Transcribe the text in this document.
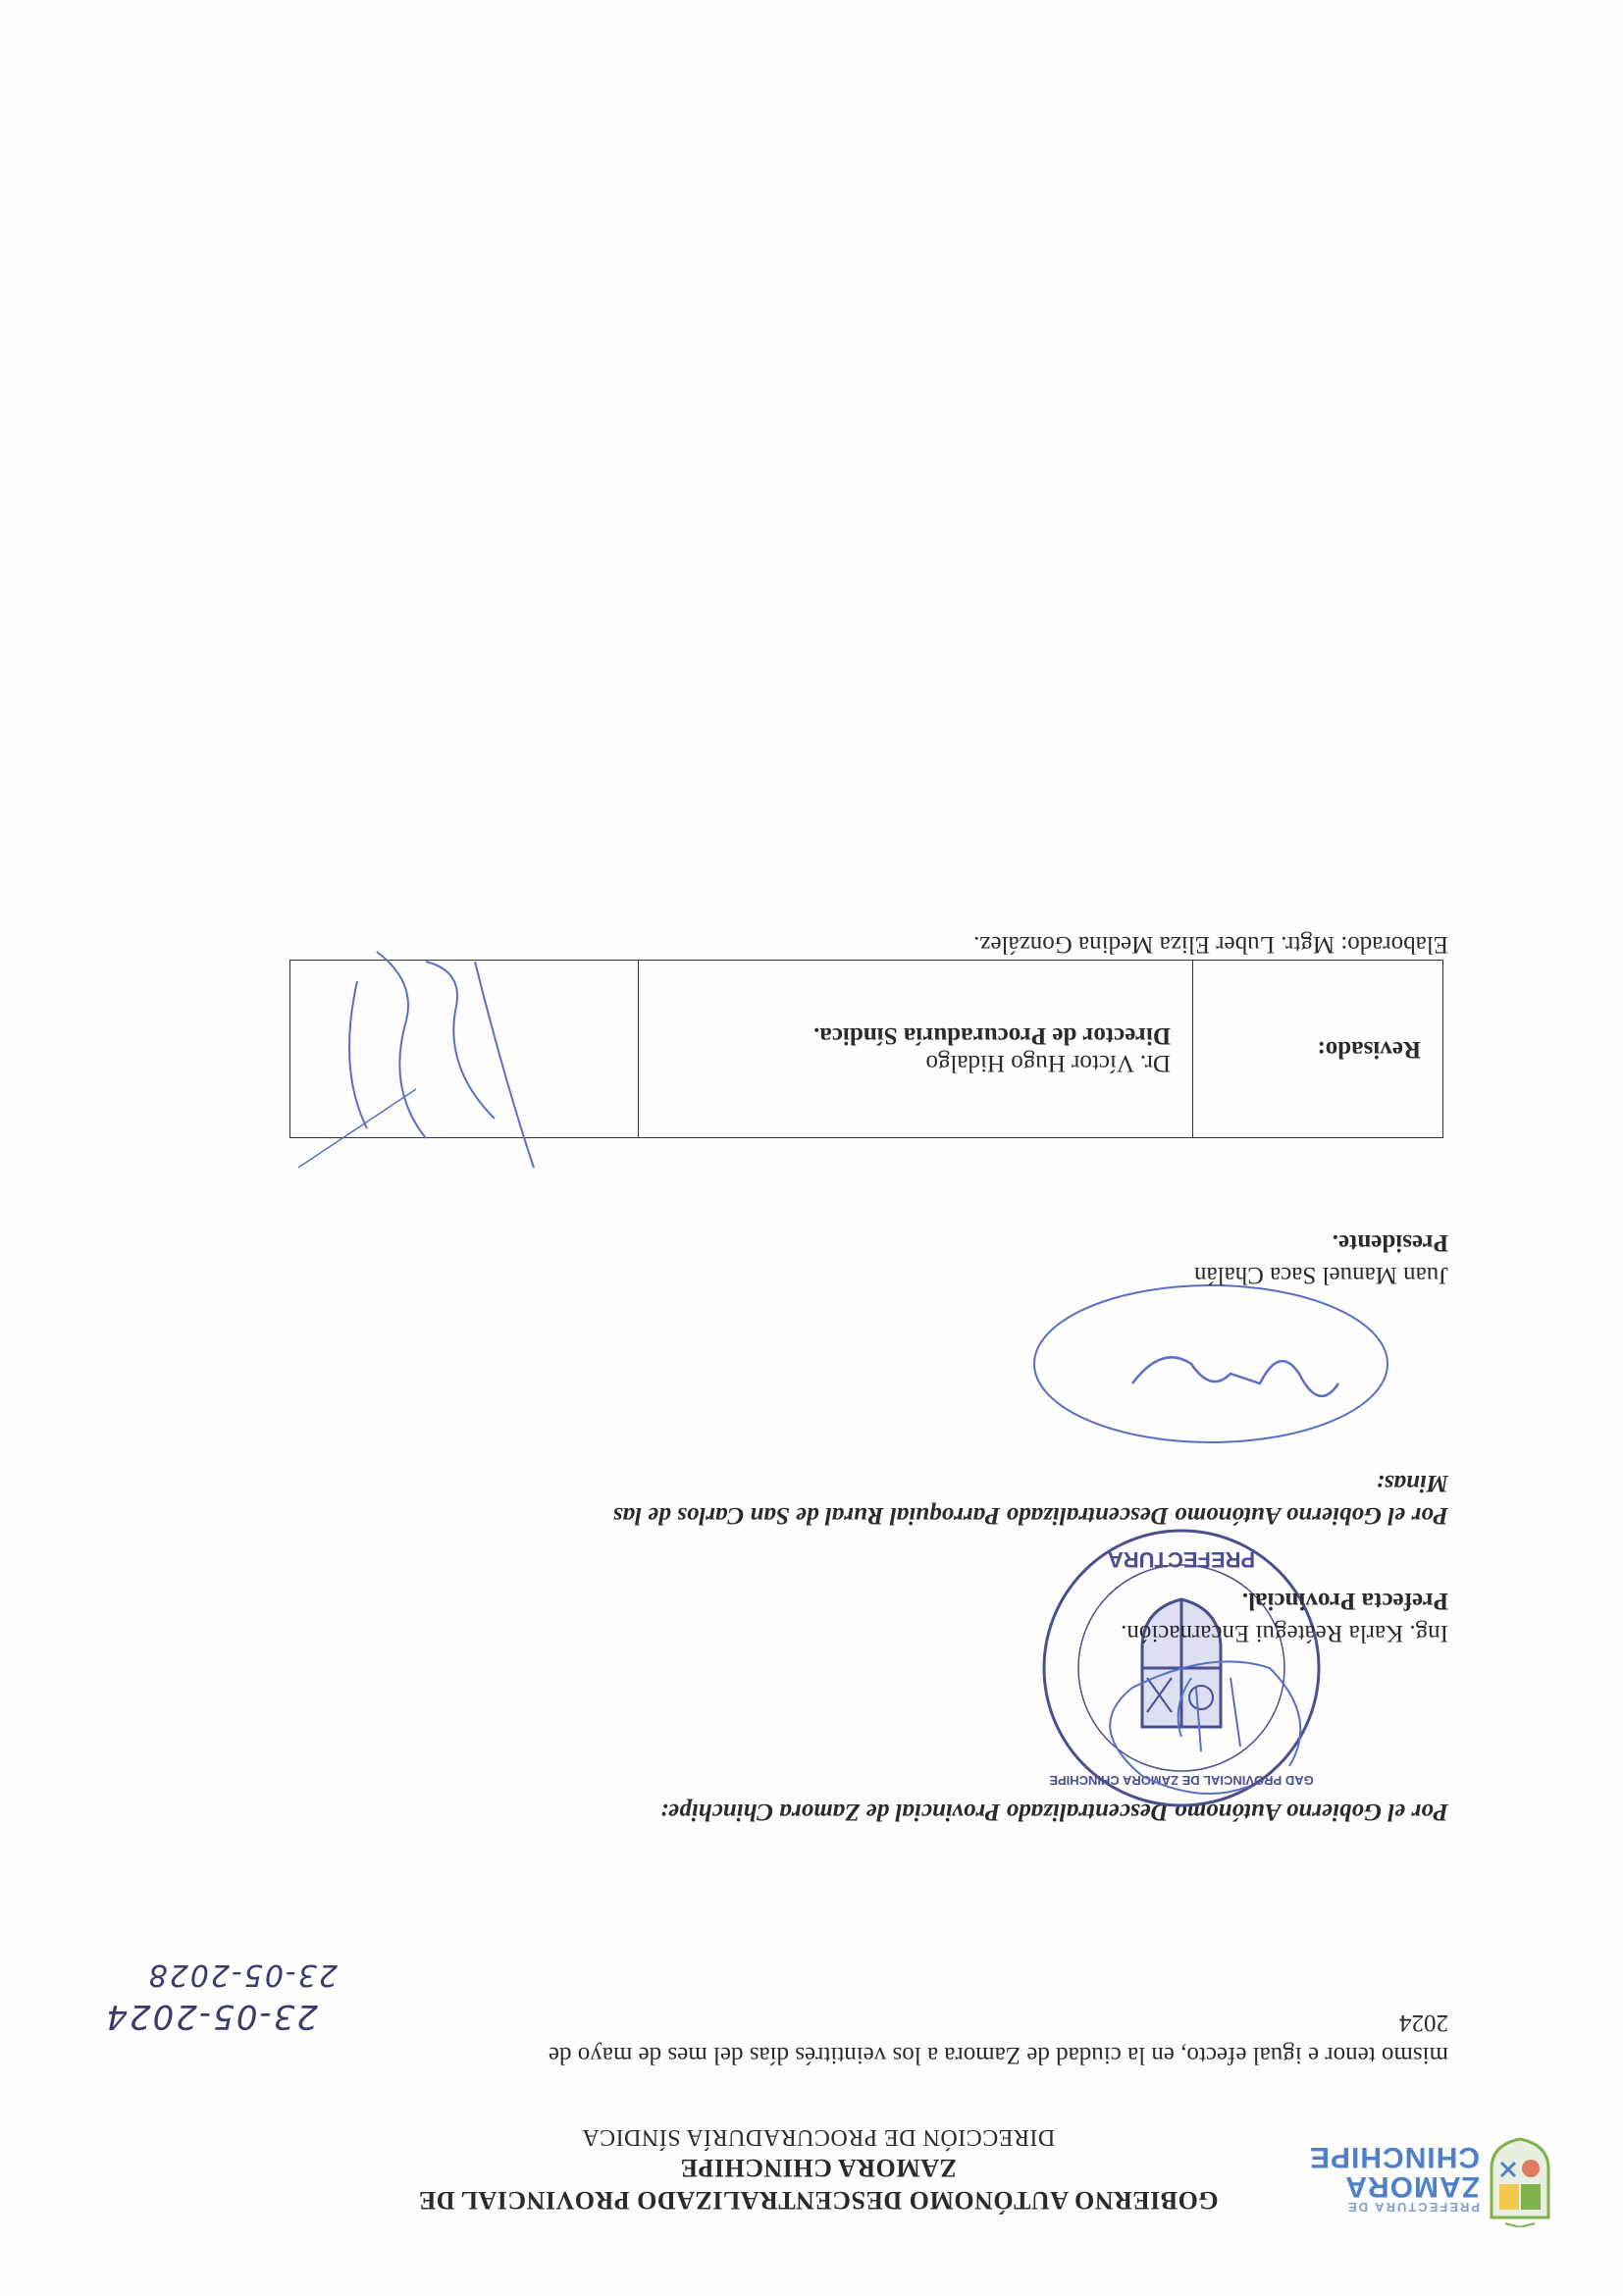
PREFECTURA DE
ZAMORA
CHINCHIPE
GOBIERNO AUTÓNOMO DESCENTRALIZADO PROVINCIAL DE
ZAMORA CHINCHIPE
DIRECCIÓN DE PROCURADURÍA SÍNDICA
mismo tenor e igual efecto, en la ciudad de Zamora a los veintitrés días del mes de mayo de
2024
23-05-2024
23-05-2028
Por el Gobierno Autónomo Descentralizado Provincial de Zamora Chinchipe:
PREFECTURA
GAD PROVINCIAL DE ZAMORA CHINCHIPE
Ing. Karla Reátegui Encarnación.
Prefecta Provincial.
Por el Gobierno Autónomo Descentralizado Parroquial Rural de San Carlos de las
Minas:
Juan Manuel Saca Chalán
Presidente.
Revisado:	
Dr. Víctor Hugo Hidalgo
Director de Procuraduría Síndica.

Elaborado: Mgtr. Luber Eliza Medina González.
